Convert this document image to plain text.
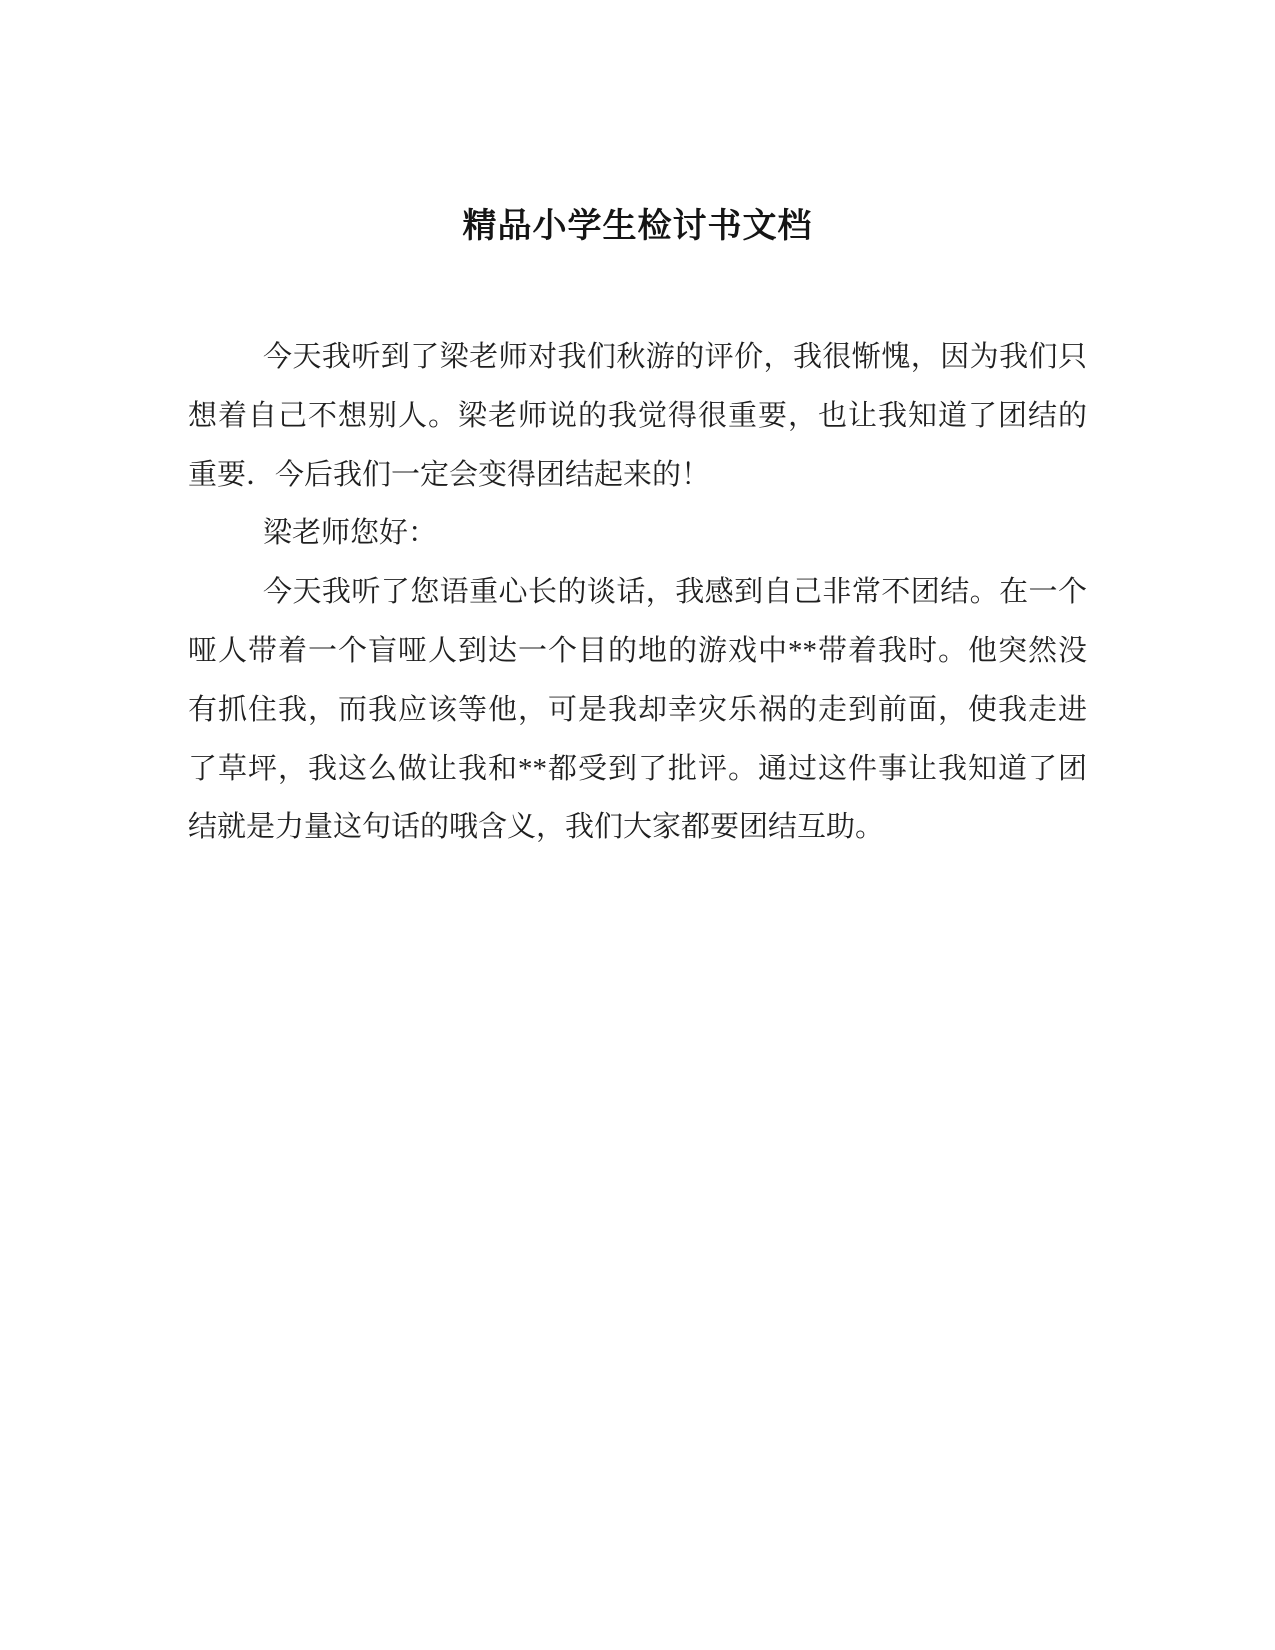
精品小学生检讨书文档

今天我听到了梁老师对我们秋游的评价，我很惭愧，因为我们只

想着自己不想别人。梁老师说的我觉得很重要，也让我知道了团结的

重要．今后我们一定会变得团结起来的！

梁老师您好：

今天我听了您语重心长的谈话，我感到自己非常不团结。在一个

哑人带着一个盲哑人到达一个目的地的游戏中**带着我时。他突然没

有抓住我，而我应该等他，可是我却幸灾乐祸的走到前面，使我走进

了草坪，我这么做让我和**都受到了批评。通过这件事让我知道了团

结就是力量这句话的哦含义，我们大家都要团结互助。
